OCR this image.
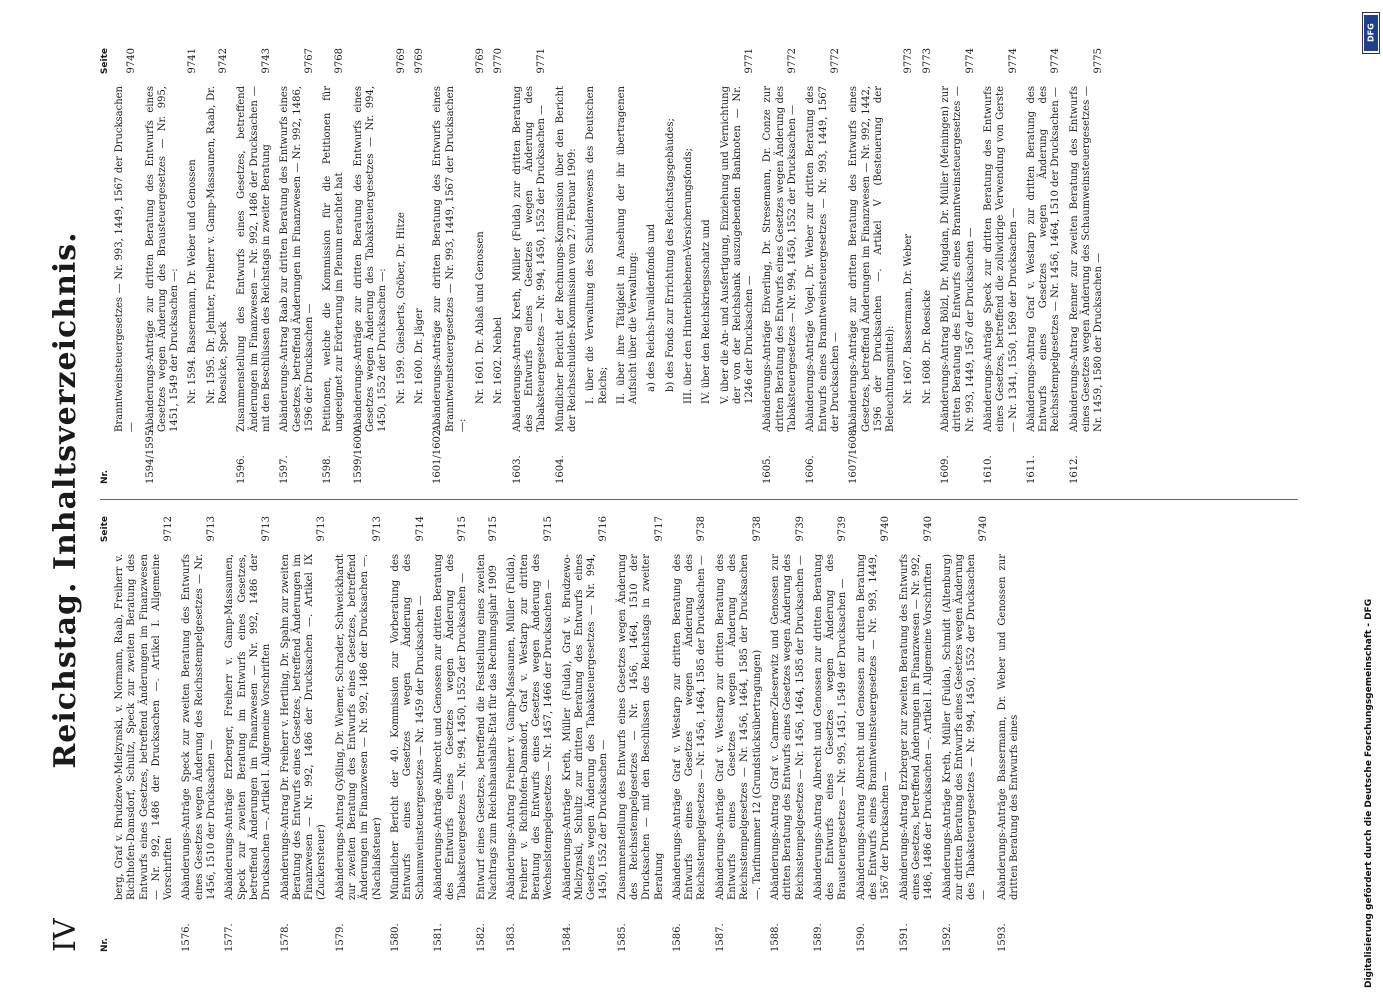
IV
Reichstag. Inhaltsverzeichnis.
Nr.
Seite
berg, Graf v. Brudzewo-Mielzynski, v. Normann, Raab, Freiherr v. Richthofen-Damsdorf, Schultz, Speck zur zweiten Beratung des Entwurfs eines Gesetzes, betreffend Änderungen im Finanzwesen — Nr. 992, 1486 der Drucksachen —. Artikel I. Allgemeine Vorschriften
9712
1576.
Abänderungs-Anträge Speck zur zweiten Beratung des Entwurfs eines Gesetzes wegen Änderung des Reichsstempelgesetzes — Nr. 1456, 1510 der Drucksachen —
9713
1577.
Abänderungs-Anträge Erzberger, Freiherr v. Gamp-Massaunen, Speck zur zweiten Beratung im Entwurfs eines Gesetzes, betreffend Änderungen im Finanzwesen — Nr. 992, 1486 der Drucksachen —. Artikel I. Allgemeine Vorschriften
9713
1578.
Abänderungs-Antrag Dr. Freiherr v. Hertling, Dr. Spahn zur zweiten Beratung des Entwurfs eines Gesetzes, betreffend Änderungen im Finanzwesen — Nr. 992, 1486 der Drucksachen —. Artikel IX (Zuckersteuer)
9713
1579.
Abänderungs-Antrag Gyßling, Dr. Wiemer, Schrader, Schweickhardt zur zweiten Beratung des Entwurfs eines Gesetzes, betreffend Änderungen im Finanzwesen — Nr. 992, 1486 der Drucksachen —. (Nachlaßsteuer)
9713
1580.
Mündlicher Bericht der 40. Kommission zur Vorberatung des Entwurfs eines Gesetzes wegen Änderung des Schaumweinsteuergesetzes — Nr. 1459 der Drucksachen —
9714
1581.
Abänderungs-Anträge Albrecht und Genossen zur dritten Beratung des Entwurfs eines Gesetzes wegen Änderung des Tabaksteuergesetzes — Nr. 994, 1450, 1552 der Drucksachen —
9715
1582.
Entwurf eines Gesetzes, betreffend die Feststellung eines zweiten Nachtrags zum Reichshaushalts-Etat für das Rechnungsjahr 1909
9715
1583.
Abänderungs-Antrag Freiherr v. Gamp-Massaunen, Müller (Fulda), Freiherr v. Richthofen-Damsdorf, Graf v. Westarp zur dritten Beratung des Entwurfs eines Gesetzes wegen Änderung des Wechselstempelgesetzes — Nr. 1457, 1466 der Drucksachen —
9715
1584.
Abänderungs-Anträge Kreth, Müller (Fulda), Graf v. Brudzewo-Mielzynski, Schultz zur dritten Beratung des Entwurfs eines Gesetzes wegen Änderung des Tabaksteuergesetzes — Nr. 994, 1450, 1552 der Drucksachen —
9716
1585.
Zusammenstellung des Entwurfs eines Gesetzes wegen Änderung des Reichsstempelgesetzes — Nr. 1456, 1464, 1510 der Drucksachen — mit den Beschlüssen des Reichstags in zweiter Beratung
9717
1586.
Abänderungs-Anträge Graf v. Westarp zur dritten Beratung des Entwurfs eines Gesetzes wegen Änderung des Reichsstempelgesetzes — Nr. 1456, 1464, 1585 der Drucksachen —
9738
1587.
Abänderungs-Anträge Graf v. Westarp zur dritten Beratung des Entwurfs eines Gesetzes wegen Änderung des Reichsstempelgesetzes — Nr. 1456, 1464, 1585 der Drucksachen —. Tarifnummer 12 (Grundstücksübertragungen)
9738
1588.
Abänderungs-Antrag Graf v. Carmer-Zieserwitz und Genossen zur dritten Beratung des Entwurfs eines Gesetzes wegen Änderung des Reichsstempelgesetzes — Nr. 1456, 1464, 1585 der Drucksachen —
9739
1589.
Abänderungs-Antrag Albrecht und Genossen zur dritten Beratung des Entwurfs eines Gesetzes wegen Änderung des Brausteuergesetzes — Nr. 995, 1451, 1549 der Drucksachen —
9739
1590.
Abänderungs-Antrag Albrecht und Genossen zur dritten Beratung des Entwurfs eines Branntweinsteuergesetzes — Nr. 993, 1449, 1567 der Drucksachen —
9740
1591.
Abänderungs-Antrag Erzberger zur zweiten Beratung des Entwurfs eines Gesetzes, betreffend Änderungen im Finanzwesen — Nr. 992, 1486, 1486 der Drucksachen —. Artikel I. Allgemeine Vorschriften
9740
1592.
Abänderungs-Anträge Kreth, Müller (Fulda), Schmidt (Altenburg) zur dritten Beratung des Entwurfs eines Gesetzes wegen Änderung des Tabaksteuergesetzes — Nr. 994, 1450, 1552 der Drucksachen —
9740
1593.
Abänderungs-Anträge Bassermann, Dr. Weber und Genossen zur dritten Beratung des Entwurfs eines
Nr.
Seite
Branntweinsteuergesetzes — Nr. 993, 1449, 1567 der Drucksachen —
9740
1594/1595.
Abänderungs-Anträge zur dritten Beratung des Entwurfs eines Gesetzes wegen Änderung des Brausteuergesetzes — Nr. 995, 1451, 1549 der Drucksachen —: Nr. 1594. Bassermann, Dr. Weber und Genossen
9741
Nr. 1595. Dr. Jehnter, Freiherr v. Gamp-Massaunen, Raab, Dr. Roesicke, Speck
9742
1596.
Zusammenstellung des Entwurfs eines Gesetzes, betreffend Änderungen im Finanzwesen — Nr. 992, 1486 der Drucksachen — mit den Beschlüssen des Reichstags in zweiter Beratung
9743
1597.
Abänderungs-Antrag Raab zur dritten Beratung des Entwurfs eines Gesetzes, betreffend Änderungen im Finanzwesen — Nr. 992, 1486, 1596 der Drucksachen —
9767
1598.
Petitionen, welche die Kommission für die Petitionen für ungeeignet zur Erörterung im Plenum erachtet hat
9768
1599/1600.
Abänderungs-Anträge zur dritten Beratung des Entwurfs eines Gesetzes wegen Änderung des Tabaksteuergesetzes — Nr. 994, 1450, 1552 der Drucksachen —: Nr. 1599. Giesberts, Gröber, Dr. Hitze
9769
Nr. 1600. Dr. Jäger
9769
1601/1602.
Abänderungs-Anträge zur dritten Beratung des Entwurfs eines Branntweinsteuergesetzes — Nr. 993, 1449, 1567 der Drucksachen —:
Nr. 1601. Dr. Ablaß und Genossen
9769
Nr. 1602. Nehbel
9770
1603.
Abänderungs-Antrag Kreth, Müller (Fulda) zur dritten Beratung des Entwurfs eines Gesetzes wegen Änderung des Tabaksteuergesetzes — Nr. 994, 1450, 1552 der Drucksachen —
9771
1604.
Mündlicher Bericht der Rechnungs-Kommission über den Bericht der Reichsschulden-Kommission vom 27. Februar 1909: I. über die Verwaltung des Schuldenwesens des Deutschen Reichs; II. über ihre Tätigkeit in Ansehung der ihr übertragenen Aufsicht über die Verwaltung: a) des Reichs-Invalidenfonds und b) des Fonds zur Errichtung des Reichstagsgebäudes; III. über den Hinterbliebenen-Versicherungsfonds; IV. über den Reichskriegsschatz und V. über die An- und Ausfertigung, Einziehung und Vernichtung der von der Reichsbank auszugebenden Banknoten — Nr. 1246 der Drucksachen —
9771
1605.
Abänderungs-Anträge Ebverling, Dr. Stresemann, Dr. Conze zur dritten Beratung des Entwurfs eines Gesetzes wegen Änderung des Tabaksteuergesetzes — Nr. 994, 1450, 1552 der Drucksachen —
9772
1606.
Abänderungs-Anträge Vogel, Dr. Weber zur dritten Beratung des Entwurfs eines Branntweinsteuergesetzes — Nr. 993, 1449, 1567 der Drucksachen —
9772
1607/1608.
Abänderungs-Anträge zur dritten Beratung des Entwurfs eines Gesetzes, betreffend Änderungen im Finanzwesen — Nr. 992, 1442, 1596 der Drucksachen —. Artikel V (Besteuerung der Beleuchtungsmittel): Nr. 1607. Bassermann, Dr. Weber
9773
Nr. 1608. Dr. Roesicke
9773
1609.
Abänderungs-Antrag Bölzl, Dr. Mugdan, Dr. Müller (Meiningen) zur dritten Beratung des Entwurfs eines Branntweinsteuergesetzes — Nr. 993, 1449, 1567 der Drucksachen —
9774
1610.
Abänderungs-Anträge Speck zur dritten Beratung des Entwurfs eines Gesetzes, betreffend die zollwidrige Verwendung von Gerste — Nr. 1341, 1550, 1569 der Drucksachen —
9774
1611.
Abänderungs-Antrag Graf v. Westarp zur dritten Beratung des Entwurfs eines Gesetzes wegen Änderung des Reichsstempelgesetzes — Nr. 1456, 1464, 1510 der Drucksachen —
9774
1612.
Abänderungs-Antrag Renner zur zweiten Beratung des Entwurfs eines Gesetzes wegen Änderung des Schaumweinsteuergesetzes — Nr. 1459, 1580 der Drucksachen —
9775
DFG
Digitalisierung gefördert durch die Deutsche Forschungsgemeinschaft - DFG
